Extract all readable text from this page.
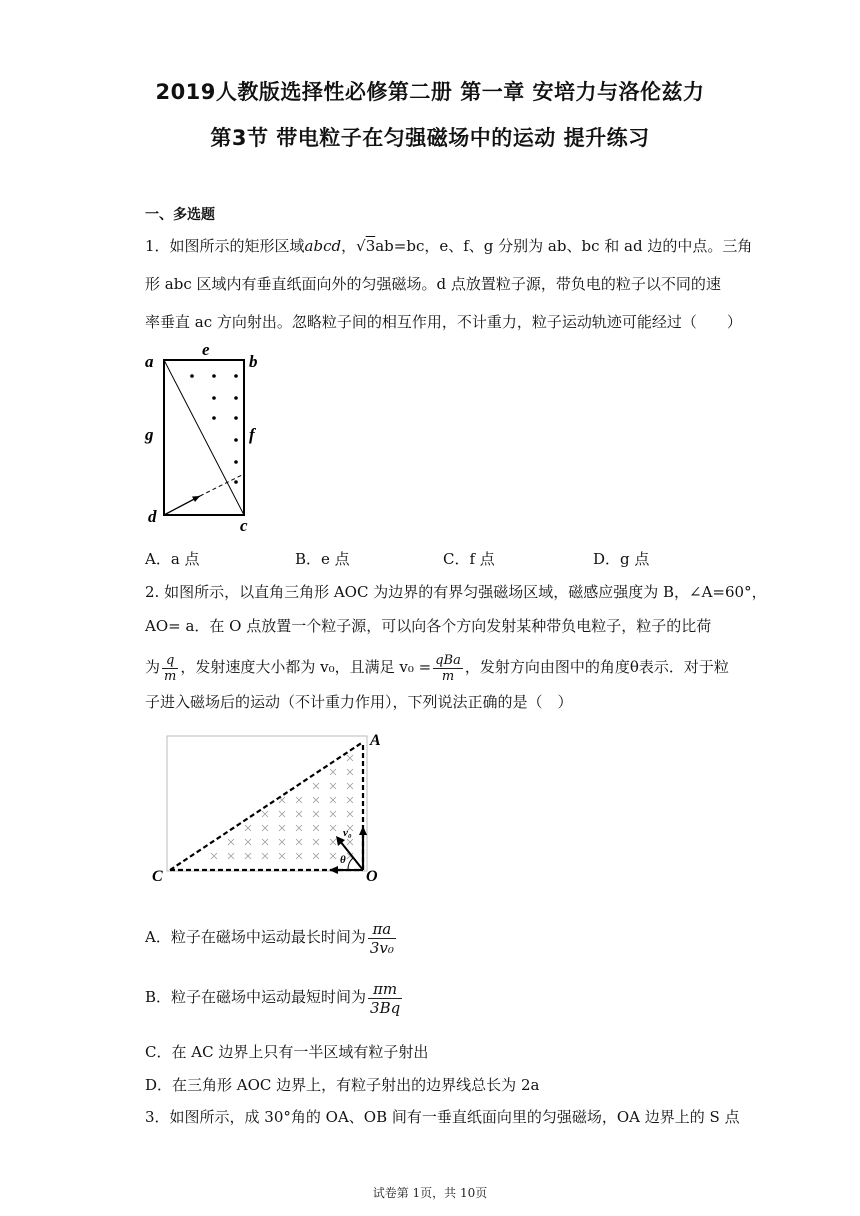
2019人教版选择性必修第二册 第一章 安培力与洛伦兹力
第3节 带电粒子在匀强磁场中的运动 提升练习
一、多选题
1．如图所示的矩形区域abcd，√3ab=bc，e、f、g 分别为 ab、bc 和 ad 边的中点。三角
形 abc 区域内有垂直纸面向外的匀强磁场。d 点放置粒子源，带负电的粒子以不同的速
率垂直 ac 方向射出。忽略粒子间的相互作用，不计重力，粒子运动轨迹可能经过（　　）
a
e
b
g	f
d	c
A．a 点	B．e 点	C．f 点	D．g 点
2. 如图所示，以直角三角形 AOC 为边界的有界匀强磁场区域，磁感应强度为 B，∠A=60°，
AO= a．在 O 点放置一个粒子源，可以向各个方向发射某种带负电粒子，粒子的比荷
为 $\frac{q}{m}$ ，发射速度大小都为 v₀，且满足 $v_0 = \frac{\text{qBa}}{m}$ ，发射方向由图中的角度θ表示．对于粒
子进入磁场后的运动（不计重力作用），下列说法正确的是（　）
θ
v₀
A
C	O
A．粒子在磁场中运动最长时间为 $\frac{\pi a}{\text{3v₀}}$
B．粒子在磁场中运动最短时间为 $\frac{\pi m}{3Bq}$
C．在 AC 边界上只有一半区域有粒子射出
D．在三角形 AOC 边界上，有粒子射出的边界线总长为 2a
3．如图所示，成 30°角的 OA、OB 间有一垂直纸面向里的匀强磁场，OA 边界上的 S 点
试卷第 1页，共 10页
